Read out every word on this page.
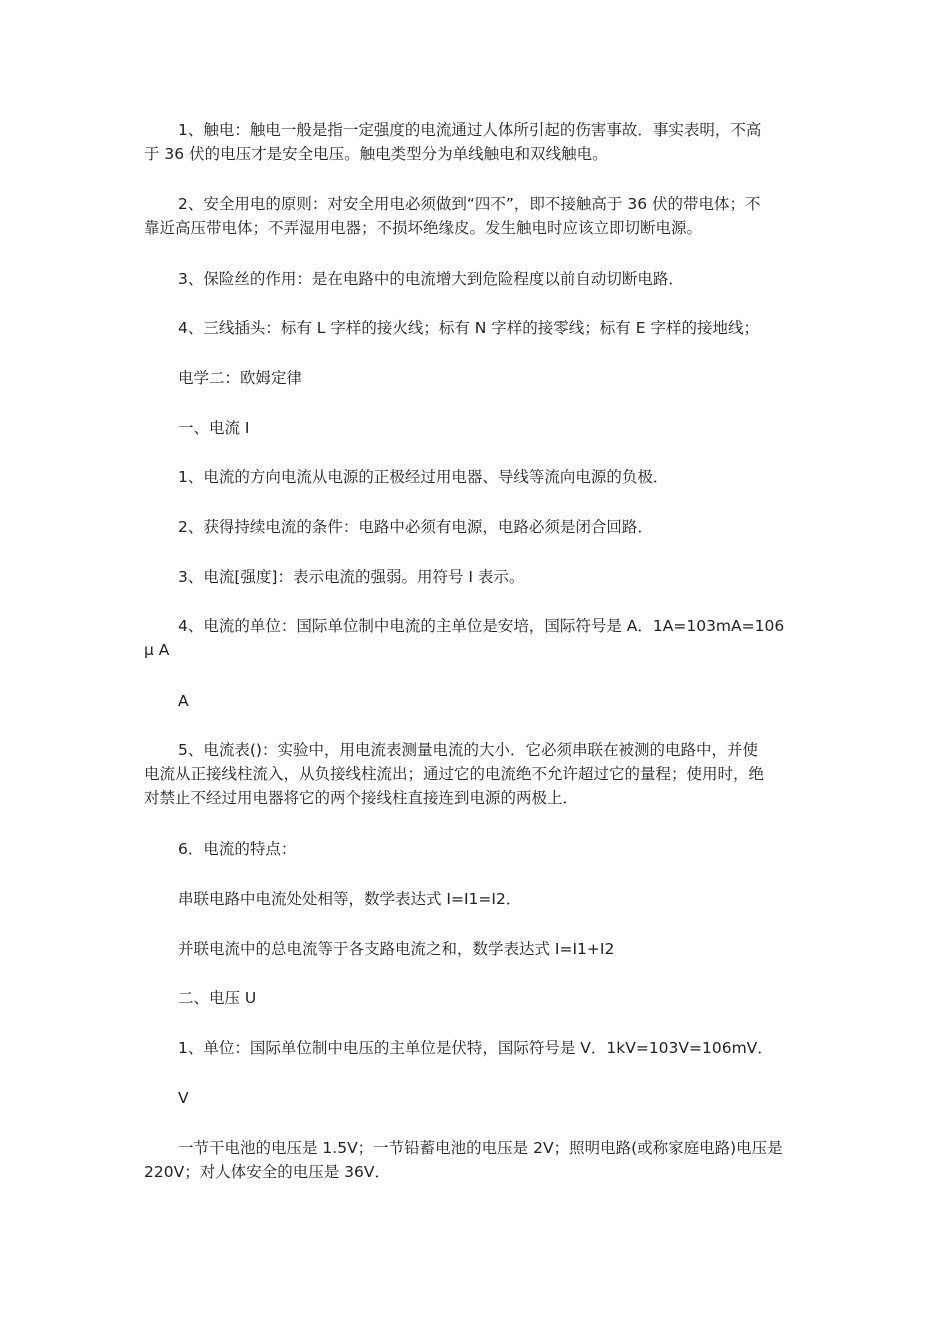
1、触电：触电一般是指一定强度的电流通过人体所引起的伤害事故．事实表明，不高
于 36 伏的电压才是安全电压。触电类型分为单线触电和双线触电。
2、安全用电的原则：对安全用电必须做到“四不”，即不接触高于 36 伏的带电体；不
靠近高压带电体；不弄湿用电器；不损坏绝缘皮。发生触电时应该立即切断电源。
3、保险丝的作用：是在电路中的电流增大到危险程度以前自动切断电路．
4、三线插头：标有 L 字样的接火线；标有 N 字样的接零线；标有 E 字样的接地线；
电学二：欧姆定律
一、电流 I
1、电流的方向电流从电源的正极经过用电器、导线等流向电源的负极．
2、获得持续电流的条件：电路中必须有电源，电路必须是闭合回路．
3、电流[强度]：表示电流的强弱。用符号 I 表示。
4、电流的单位：国际单位制中电流的主单位是安培，国际符号是 A．1A=103mA=106
μ A
A
5、电流表()：实验中，用电流表测量电流的大小．它必须串联在被测的电路中，并使
电流从正接线柱流入，从负接线柱流出；通过它的电流绝不允许超过它的量程；使用时，绝
对禁止不经过用电器将它的两个接线柱直接连到电源的两极上．
6．电流的特点：
串联电路中电流处处相等，数学表达式 I=I1=I2．
并联电流中的总电流等于各支路电流之和，数学表达式 I=I1+I2
二、电压 U
1、单位：国际单位制中电压的主单位是伏特，国际符号是 V．1kV=103V=106mV．
V
一节干电池的电压是 1.5V；一节铅蓄电池的电压是 2V；照明电路(或称家庭电路)电压是
220V；对人体安全的电压是 36V．
